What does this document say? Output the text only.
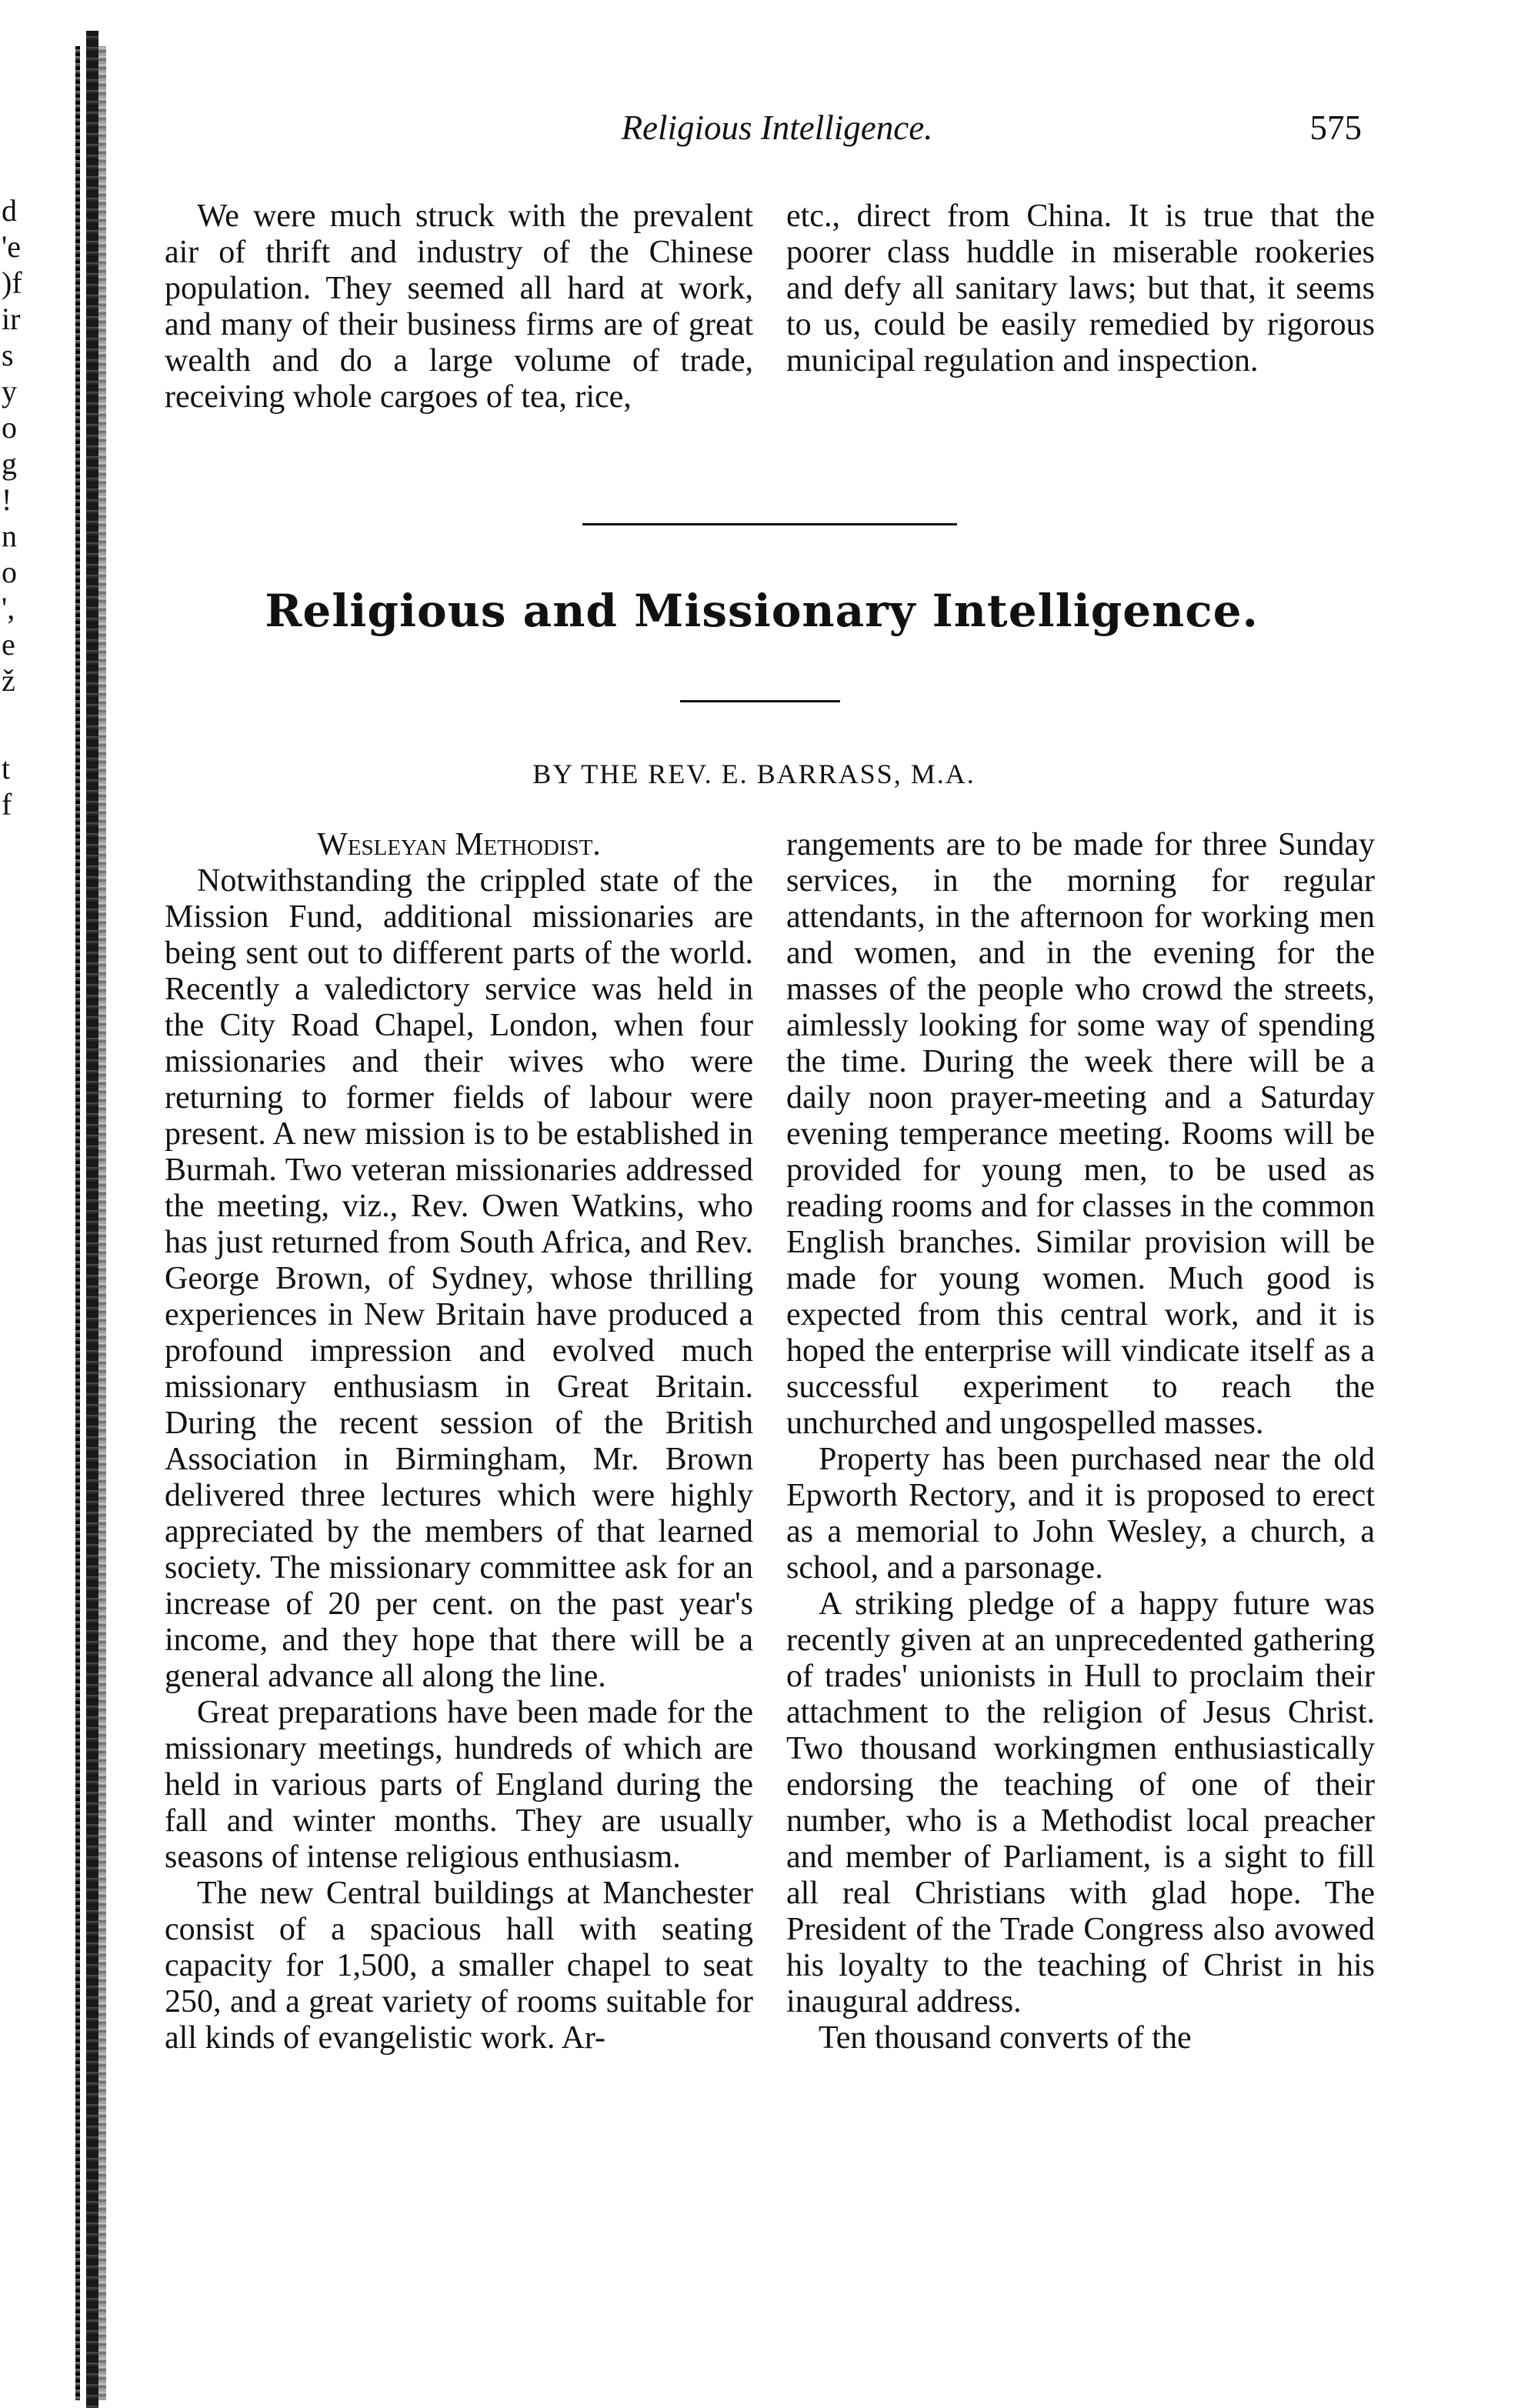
d
'e
)f
ir
s
y
o
g
!
n
o
',
e
ž
t
f
Religious Intelligence.	575

We were much struck with the prevalent air of thrift and industry of the Chinese population. They seemed all hard at work, and many of their business firms are of great wealth and do a large volume of trade, receiving whole cargoes of tea, rice,

etc., direct from China. It is true that the poorer class huddle in miserable rookeries and defy all sanitary laws; but that, it seems to us, could be easily remedied by rigorous municipal regulation and inspection.

Religious and Missionary Intelligence.
BY THE REV. E. BARRASS, M.A.

Wesleyan Methodist.

Notwithstanding the crippled state of the Mission Fund, additional missionaries are being sent out to different parts of the world. Recently a valedictory service was held in the City Road Chapel, London, when four missionaries and their wives who were returning to former fields of labour were present. A new mission is to be established in Burmah. Two veteran missionaries addressed the meeting, viz., Rev. Owen Watkins, who has just returned from South Africa, and Rev. George Brown, of Sydney, whose thrilling experiences in New Britain have produced a profound impression and evolved much missionary enthusiasm in Great Britain. During the recent session of the British Association in Birmingham, Mr. Brown delivered three lectures which were highly appreciated by the members of that learned society. The missionary committee ask for an increase of 20 per cent. on the past year's income, and they hope that there will be a general advance all along the line.

Great preparations have been made for the missionary meetings, hundreds of which are held in various parts of England during the fall and winter months. They are usually seasons of intense religious enthusiasm.

The new Central buildings at Manchester consist of a spacious hall with seating capacity for 1,500, a smaller chapel to seat 250, and a great variety of rooms suitable for all kinds of evangelistic work. Ar-

rangements are to be made for three Sunday services, in the morning for regular attendants, in the afternoon for working men and women, and in the evening for the masses of the people who crowd the streets, aimlessly looking for some way of spending the time. During the week there will be a daily noon prayer-meeting and a Saturday evening temperance meeting. Rooms will be provided for young men, to be used as reading rooms and for classes in the common English branches. Similar provision will be made for young women. Much good is expected from this central work, and it is hoped the enterprise will vindicate itself as a successful experiment to reach the unchurched and ungospelled masses.

Property has been purchased near the old Epworth Rectory, and it is proposed to erect as a memorial to John Wesley, a church, a school, and a parsonage.

A striking pledge of a happy future was recently given at an unprecedented gathering of trades' unionists in Hull to proclaim their attachment to the religion of Jesus Christ. Two thousand workingmen enthusiastically endorsing the teaching of one of their number, who is a Methodist local preacher and member of Parliament, is a sight to fill all real Christians with glad hope. The President of the Trade Congress also avowed his loyalty to the teaching of Christ in his inaugural address.

Ten thousand converts of the
